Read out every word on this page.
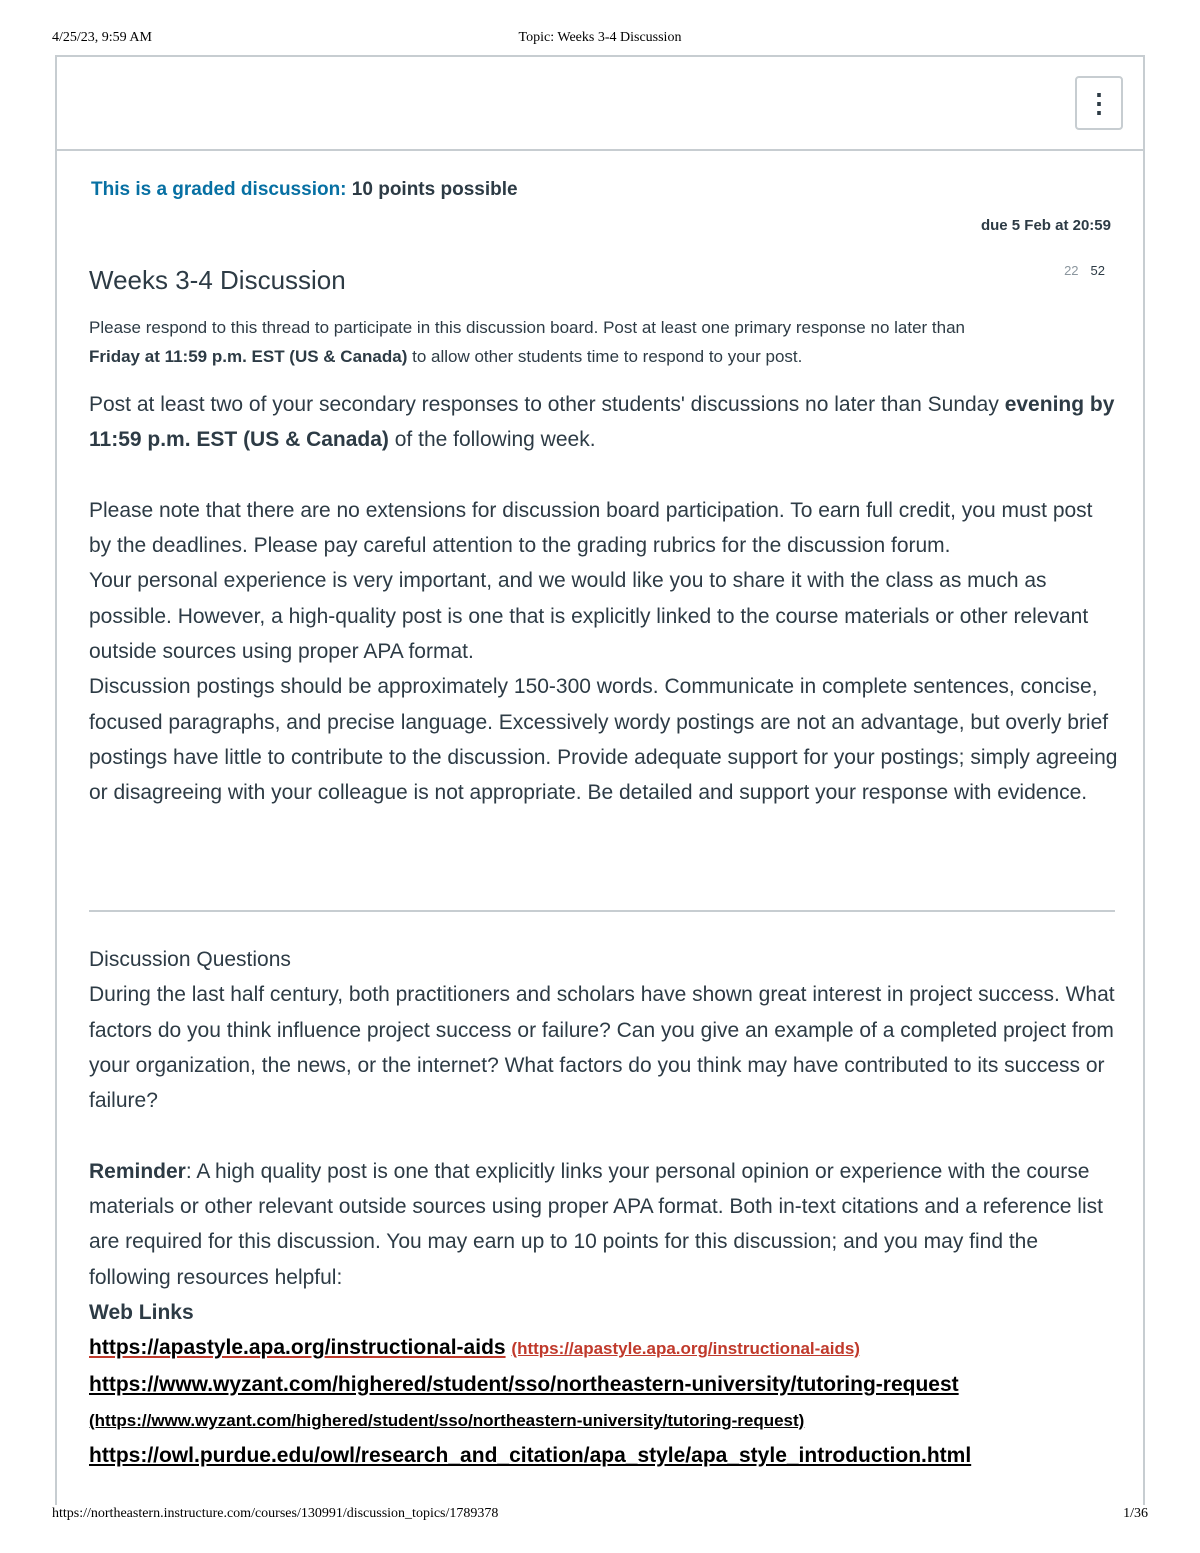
4/25/23, 9:59 AM	Topic: Weeks 3-4 Discussion
⋮
This is a graded discussion: 10 points possible
due 5 Feb at 20:59
22 52
Weeks 3-4 Discussion
Please respond to this thread to participate in this discussion board. Post at least one primary response no later than
Friday at 11:59 p.m. EST (US & Canada) to allow other students time to respond to your post.

Post at least two of your secondary responses to other students' discussions no later than Sunday evening by 11:59 p.m. EST (US & Canada) of the following week.

Please note that there are no extensions for discussion board participation. To earn full credit, you must post by the deadlines. Please pay careful attention to the grading rubrics for the discussion forum.

Your personal experience is very important, and we would like you to share it with the class as much as possible. However, a high-quality post is one that is explicitly linked to the course materials or other relevant outside sources using proper APA format.

Discussion postings should be approximately 150-300 words. Communicate in complete sentences, concise, focused paragraphs, and precise language. Excessively wordy postings are not an advantage, but overly brief postings have little to contribute to the discussion. Provide adequate support for your postings; simply agreeing or disagreeing with your colleague is not appropriate. Be detailed and support your response with evidence.

Discussion Questions

During the last half century, both practitioners and scholars have shown great interest in project success. What factors do you think influence project success or failure? Can you give an example of a completed project from your organization, the news, or the internet? What factors do you think may have contributed to its success or failure?

Reminder: A high quality post is one that explicitly links your personal opinion or experience with the course materials or other relevant outside sources using proper APA format. Both in-text citations and a reference list are required for this discussion. You may earn up to 10 points for this discussion; and you may find the following resources helpful:

Web Links
https://apastyle.apa.org/instructional-aids (https://apastyle.apa.org/instructional-aids)
https://www.wyzant.com/highered/student/sso/northeastern-university/tutoring-request
(https://www.wyzant.com/highered/student/sso/northeastern-university/tutoring-request)
https://owl.purdue.edu/owl/research_and_citation/apa_style/apa_style_introduction.html
https://northeastern.instructure.com/courses/130991/discussion_topics/1789378	1/36
